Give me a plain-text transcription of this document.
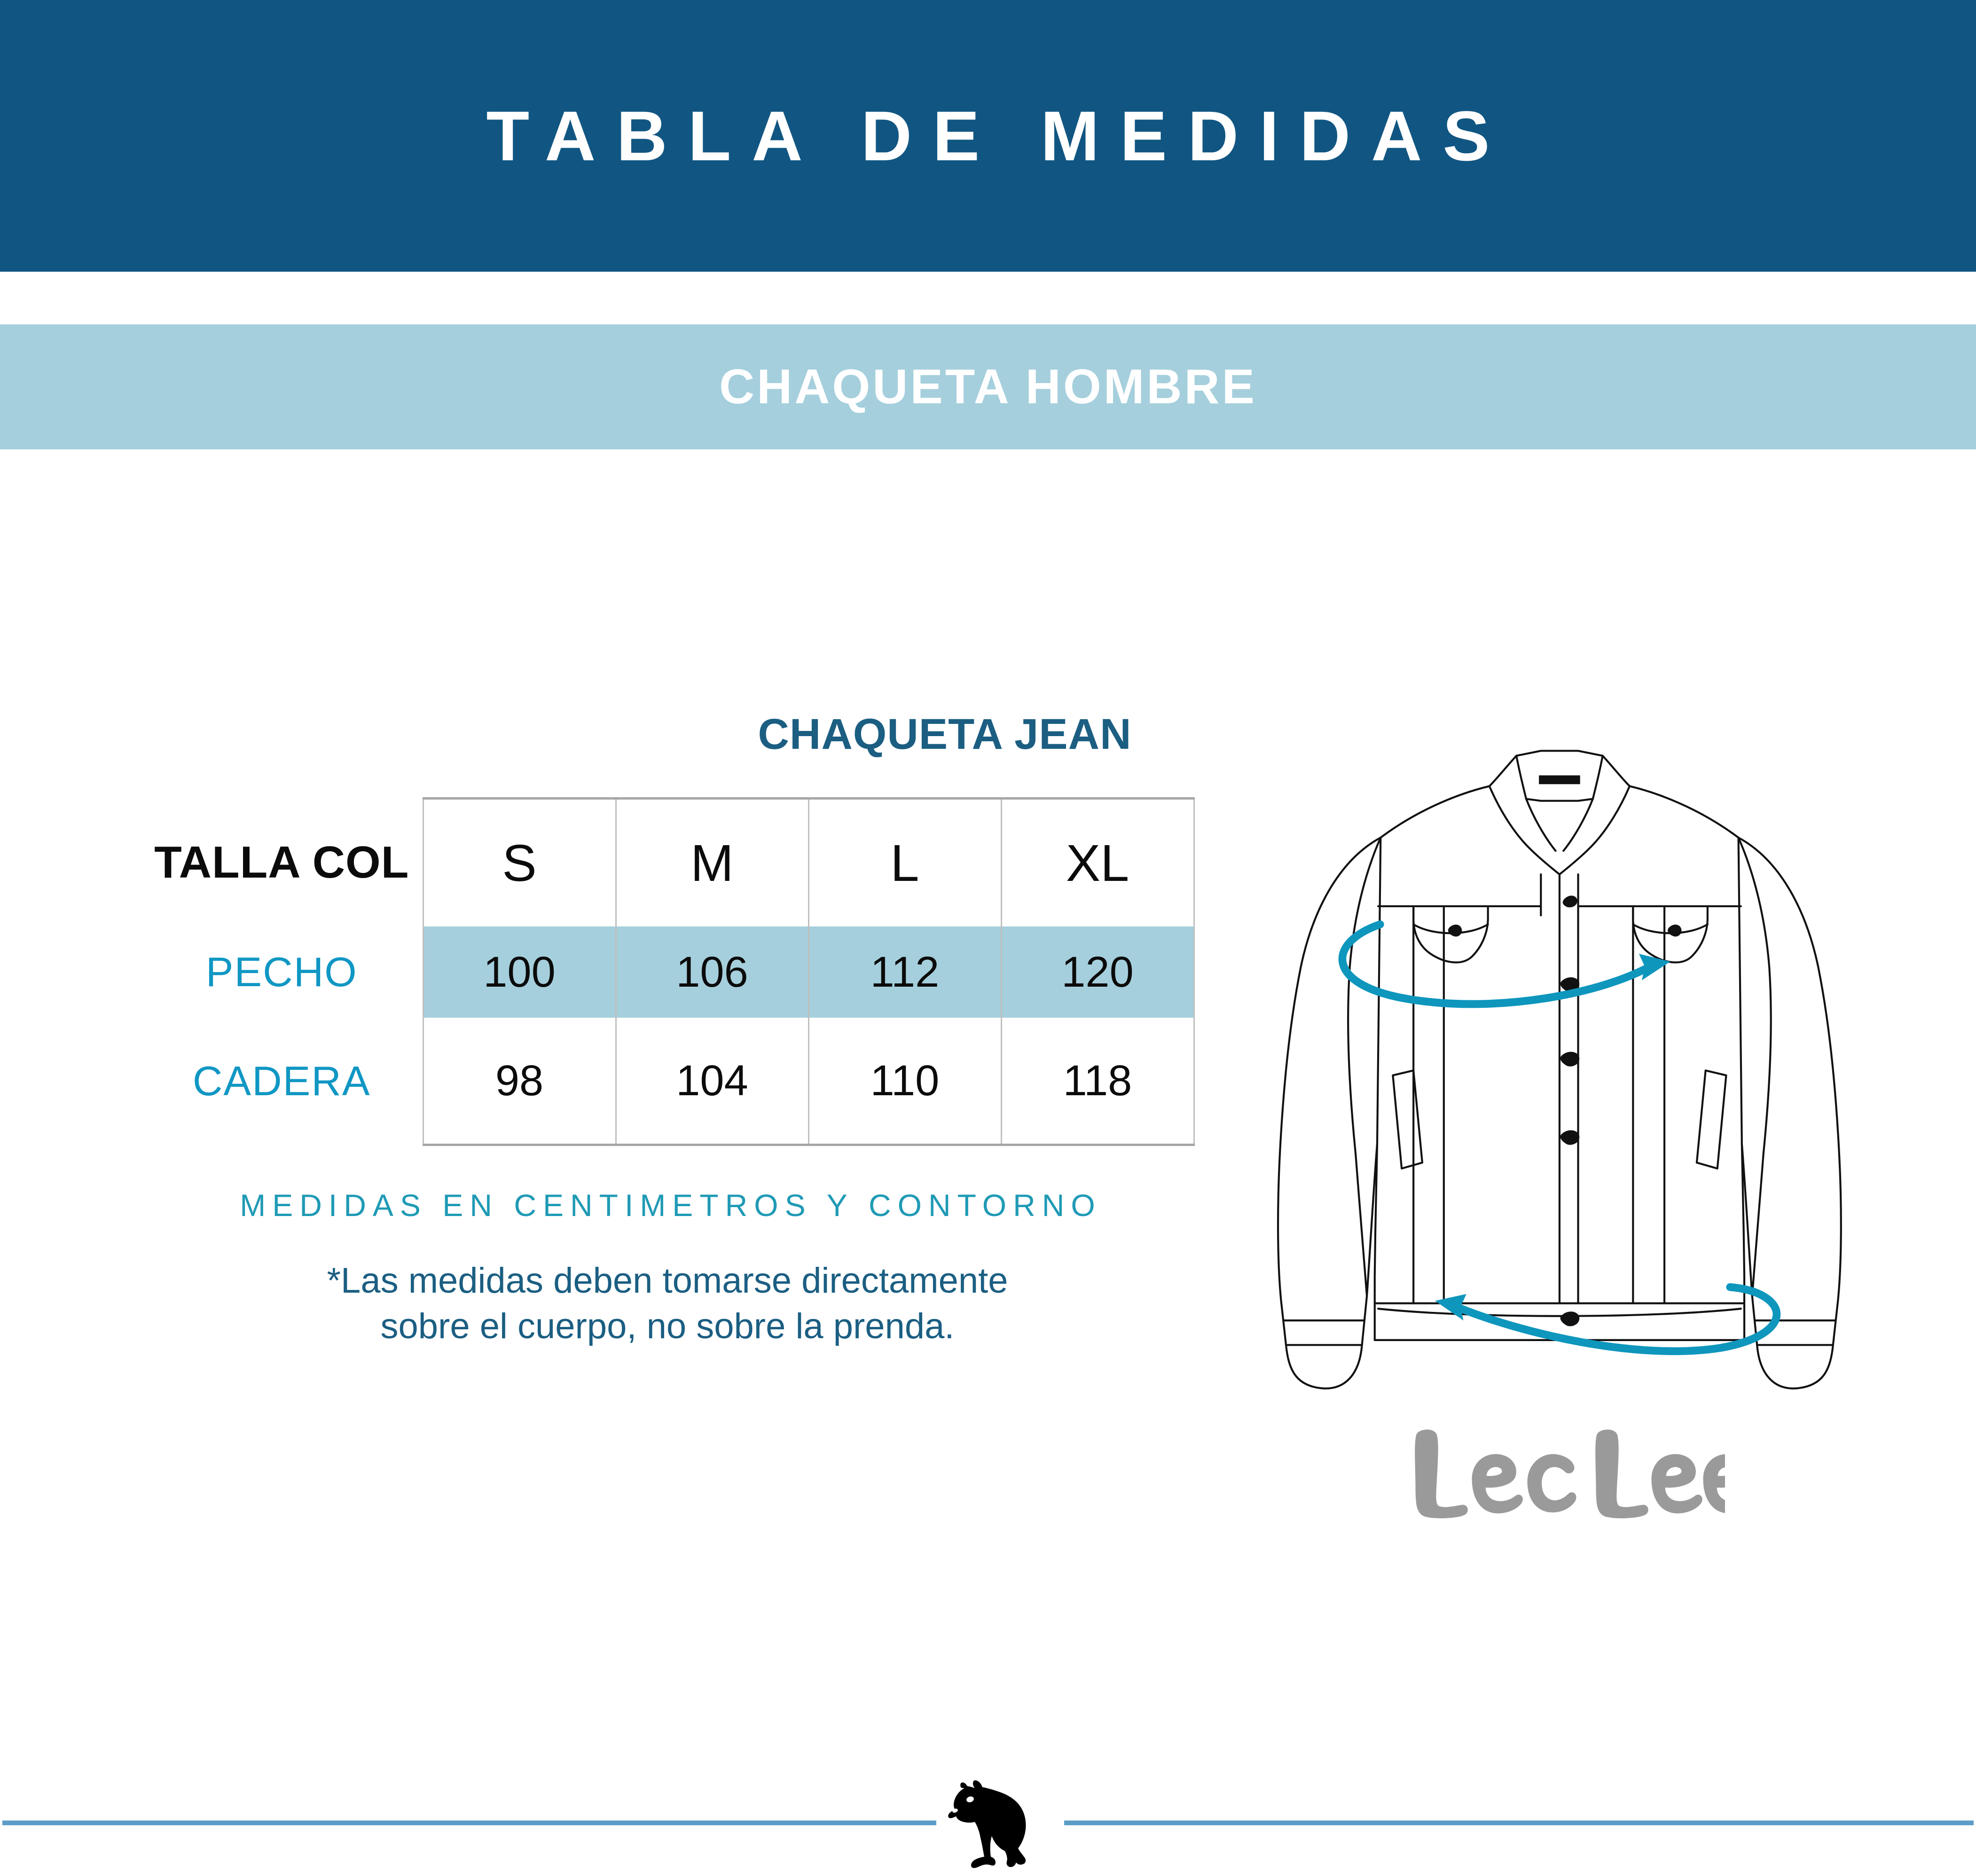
TABLA DE MEDIDAS
CHAQUETA HOMBRE
CHAQUETA JEAN
TALLA COL	S	M	L	XL
PECHO	100	106	112	120
CADERA	98	104	110	118
MEDIDAS EN CENTIMETROS Y CONTORNO
*Las medidas deben tomarse directamente
sobre el cuerpo, no sobre la prenda.
